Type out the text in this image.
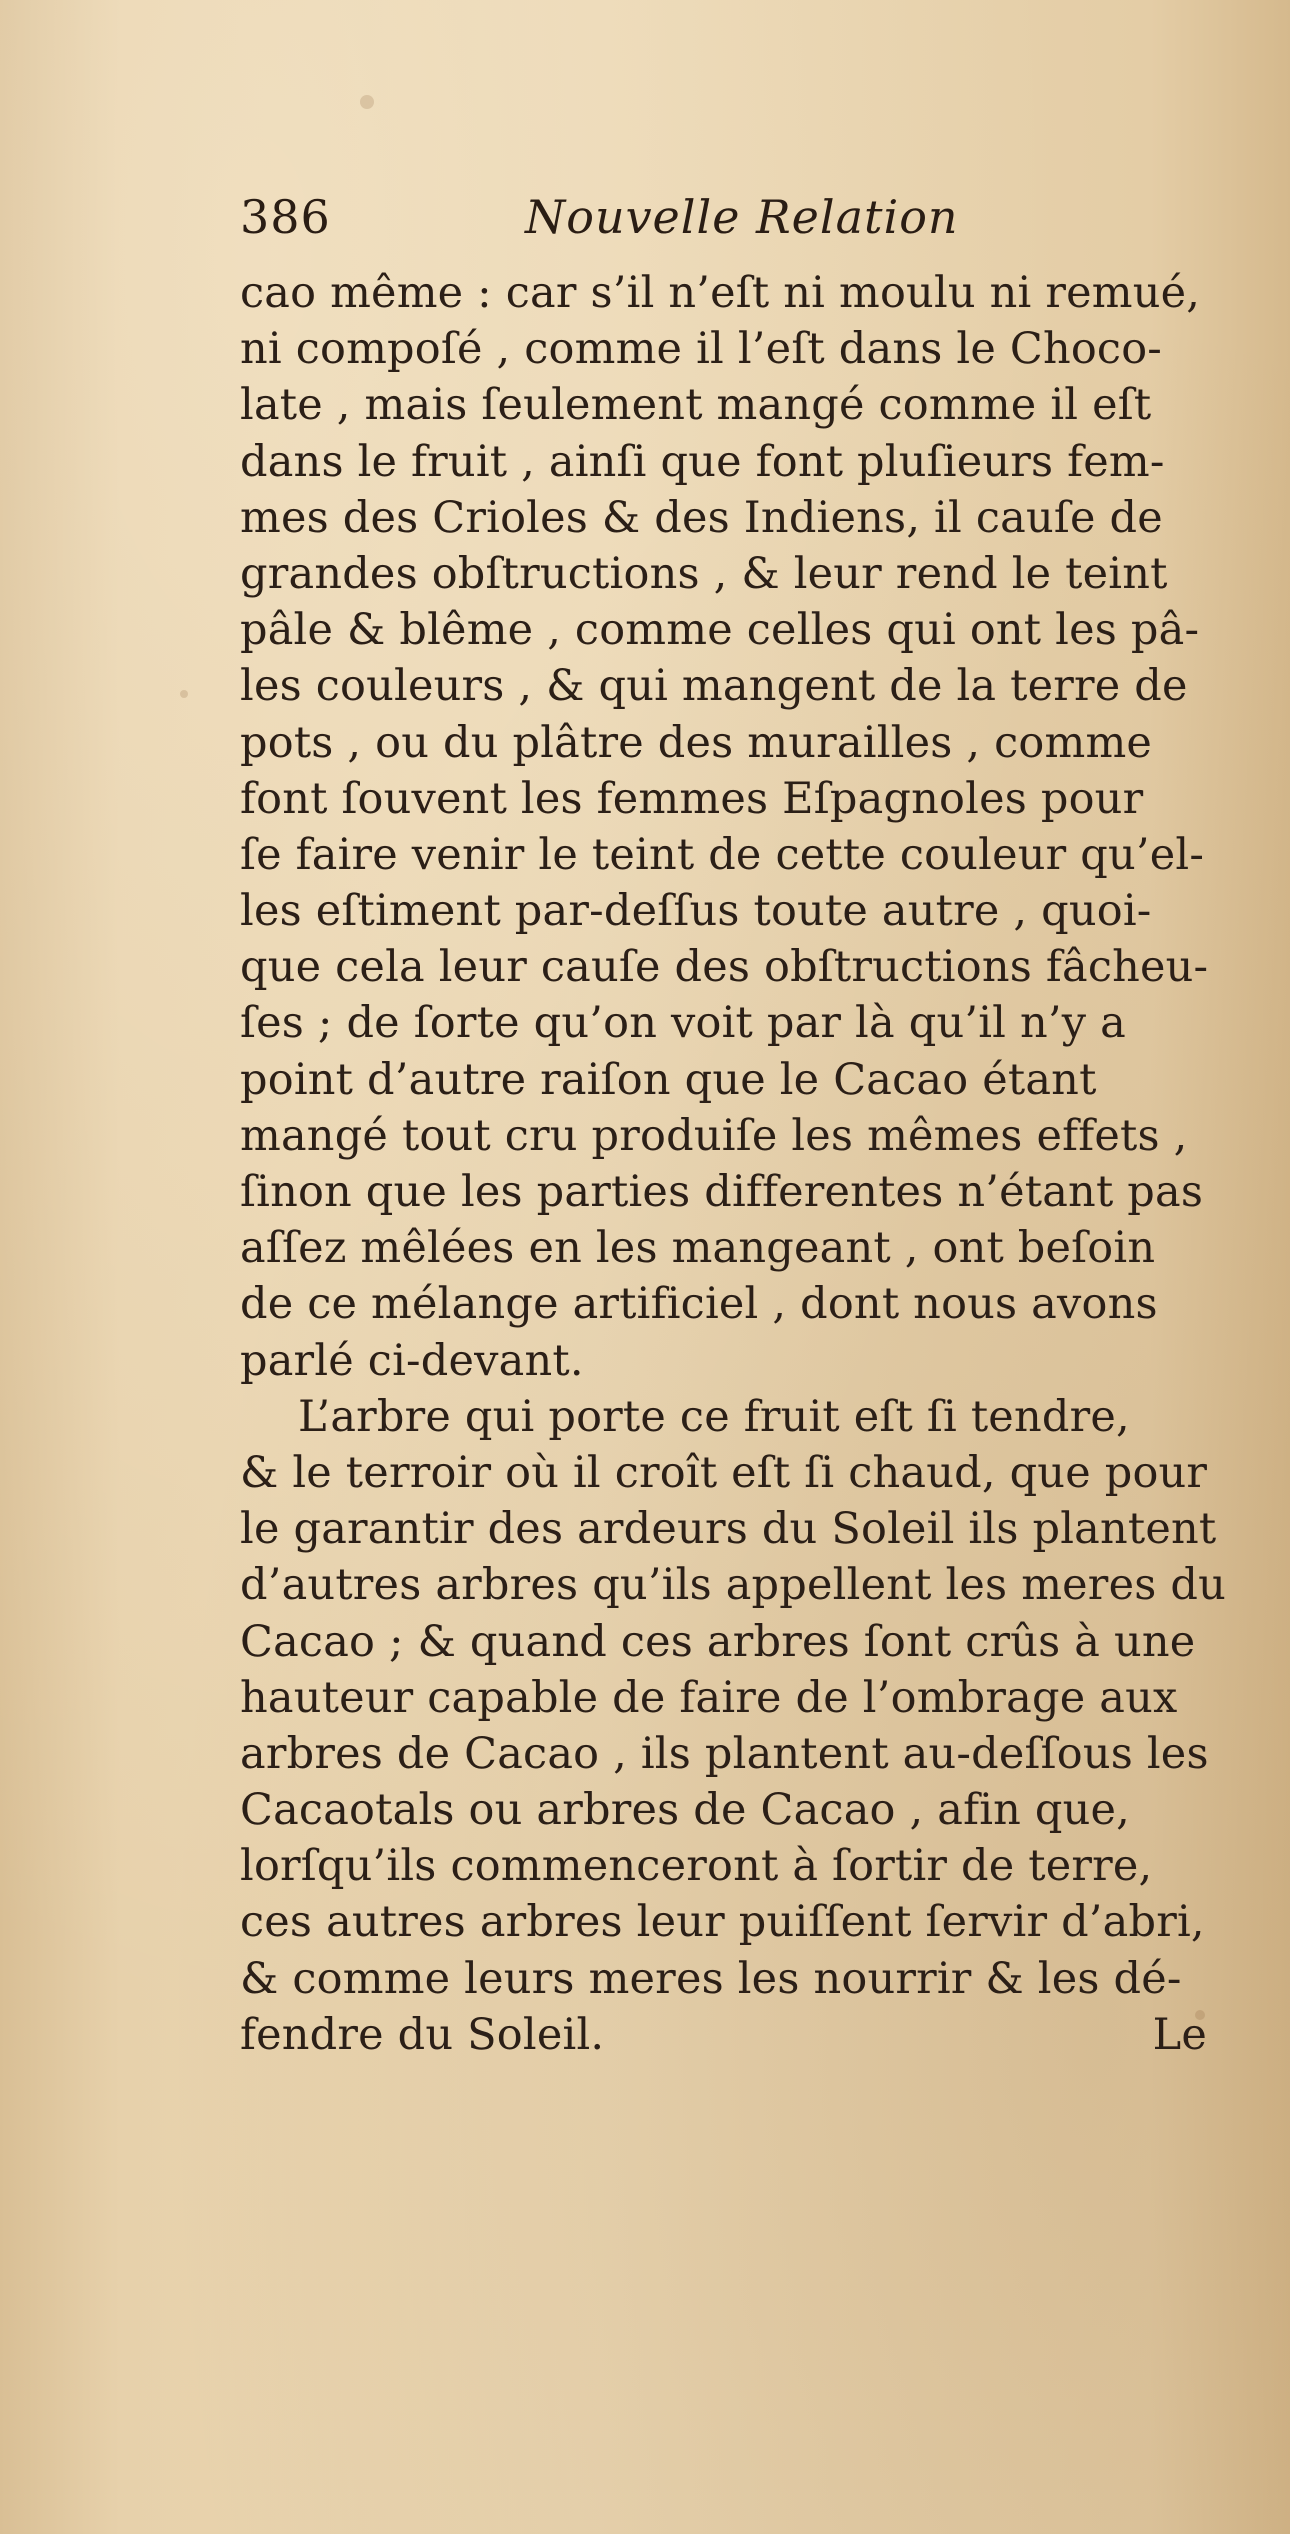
386	Nouvelle Relation
cao même : car s’il n’eſt ni moulu ni remué,
ni compoſé , comme il l’eſt dans le Choco-
late , mais ſeulement mangé comme il eſt
dans le fruit , ainſi que font pluſieurs fem-
mes des Crioles & des Indiens, il cauſe de
grandes obſtructions , & leur rend le teint
pâle & blême , comme celles qui ont les pâ-
les couleurs , & qui mangent de la terre de
pots , ou du plâtre des murailles , comme
font ſouvent les femmes Eſpagnoles pour
ſe faire venir le teint de cette couleur qu’el-
les eſtiment par-deſſus toute autre , quoi-
que cela leur cauſe des obſtructions fâcheu-
ſes ; de ſorte qu’on voit par là qu’il n’y a
point d’autre raiſon que le Cacao étant
mangé tout cru produiſe les mêmes effets ,
ſinon que les parties differentes n’étant pas
aſſez mêlées en les mangeant , ont beſoin
de ce mélange artificiel , dont nous avons
parlé ci-devant.
L’arbre qui porte ce fruit eſt ſi tendre,
& le terroir où il croît eſt ſi chaud, que pour
le garantir des ardeurs du Soleil ils plantent
d’autres arbres qu’ils appellent les meres du
Cacao ; & quand ces arbres ſont crûs à une
hauteur capable de faire de l’ombrage aux
arbres de Cacao , ils plantent au-deſſous les
Cacaotals ou arbres de Cacao , afin que,
lorſqu’ils commenceront à ſortir de terre,
ces autres arbres leur puiſſent ſervir d’abri,
& comme leurs meres les nourrir & les dé-
fendre du Soleil.	Le
